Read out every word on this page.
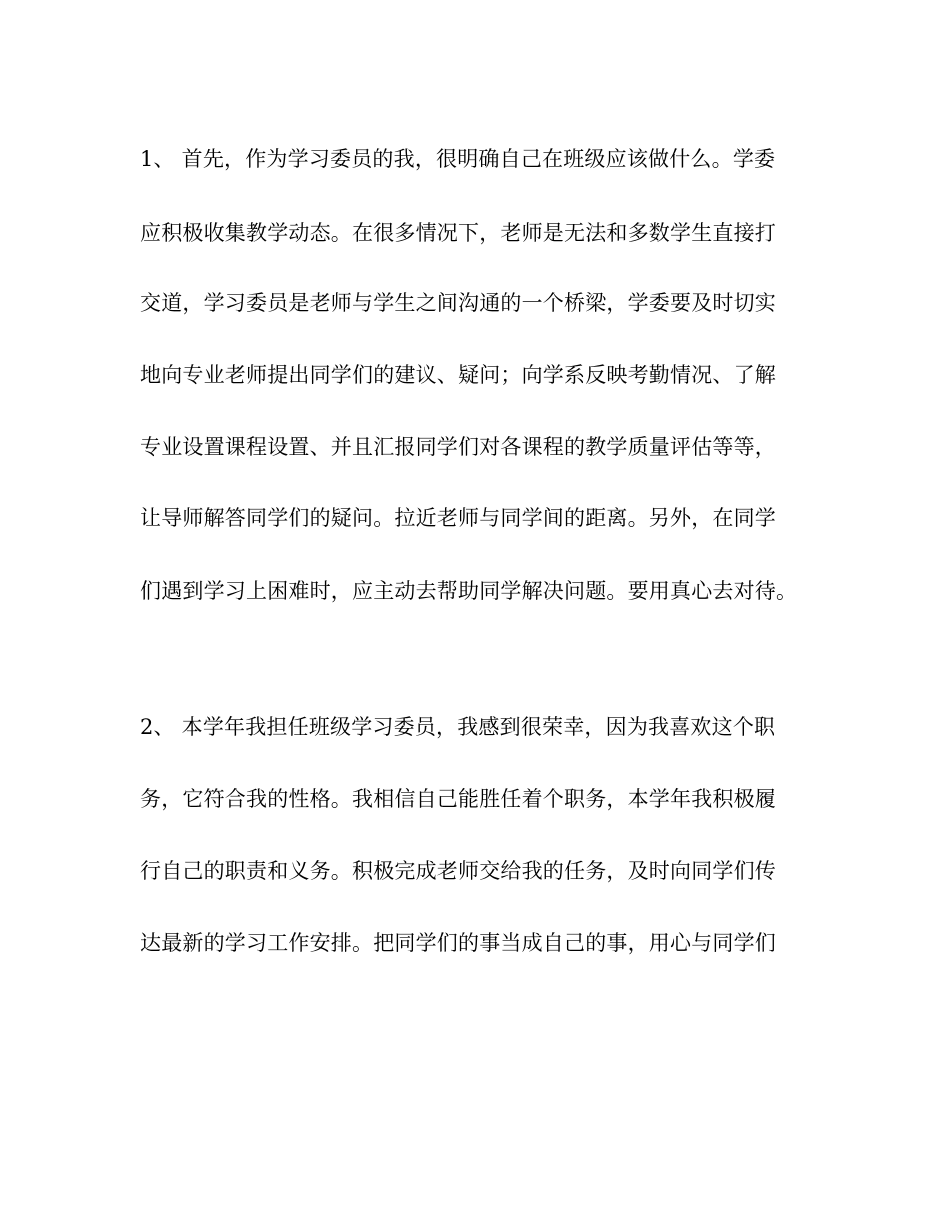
1、 首先，作为学习委员的我，很明确自己在班级应该做什么。学委
应积极收集教学动态。在很多情况下，老师是无法和多数学生直接打
交道，学习委员是老师与学生之间沟通的一个桥梁，学委要及时切实
地向专业老师提出同学们的建议、疑问；向学系反映考勤情况、了解
专业设置课程设置、并且汇报同学们对各课程的教学质量评估等等，
让导师解答同学们的疑问。拉近老师与同学间的距离。另外，在同学
们遇到学习上困难时，应主动去帮助同学解决问题。要用真心去对待。
2、 本学年我担任班级学习委员，我感到很荣幸，因为我喜欢这个职
务，它符合我的性格。我相信自己能胜任着个职务，本学年我积极履
行自己的职责和义务。积极完成老师交给我的任务，及时向同学们传
达最新的学习工作安排。把同学们的事当成自己的事，用心与同学们
